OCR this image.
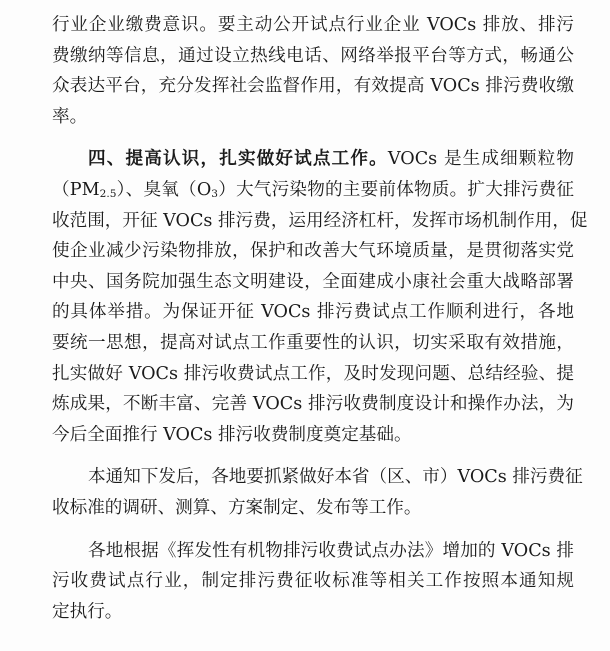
行业企业缴费意识。要主动公开试点行业企业 VOCs 排放、排污
费缴纳等信息，通过设立热线电话、网络举报平台等方式，畅通公
众表达平台，充分发挥社会监督作用，有效提高 VOCs 排污费收缴
率。
四、提高认识，扎实做好试点工作。VOCs 是生成细颗粒物
$(PM_{2.5})$、臭氧$(O_3)$大气污染物的主要前体物质。扩大排污费征
收范围，开征 VOCs 排污费，运用经济杠杆，发挥市场机制作用，促
使企业减少污染物排放，保护和改善大气环境质量，是贯彻落实党
中央、国务院加强生态文明建设，全面建成小康社会重大战略部署
的具体举措。为保证开征 VOCs 排污费试点工作顺利进行，各地
要统一思想，提高对试点工作重要性的认识，切实采取有效措施，
扎实做好 VOCs 排污收费试点工作，及时发现问题、总结经验、提
炼成果，不断丰富、完善 VOCs 排污收费制度设计和操作办法，为
今后全面推行 VOCs 排污收费制度奠定基础。
本通知下发后，各地要抓紧做好本省（区、市）VOCs 排污费征
收标准的调研、测算、方案制定、发布等工作。
各地根据《挥发性有机物排污收费试点办法》增加的 VOCs 排
污收费试点行业，制定排污费征收标准等相关工作按照本通知规
定执行。
